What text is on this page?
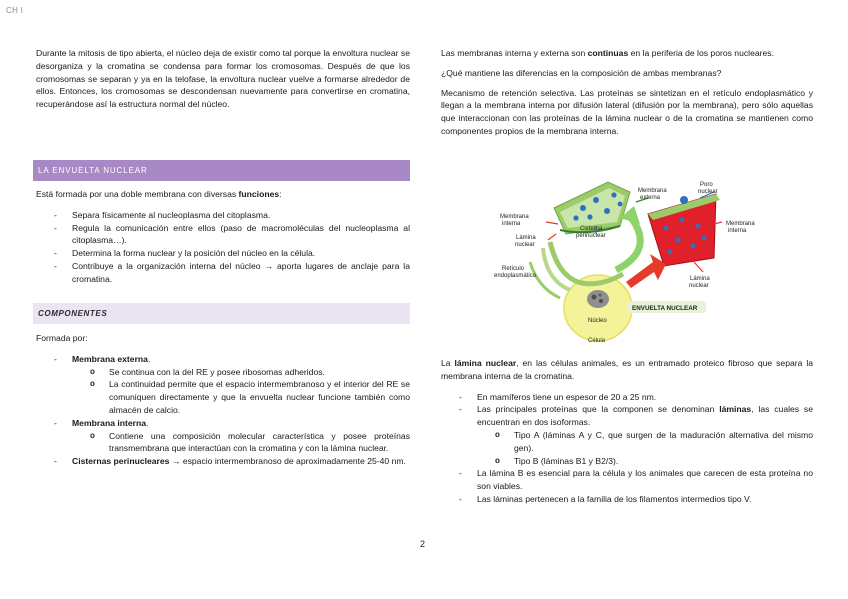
CH I

Durante la mitosis de tipo abierta, el núcleo deja de existir como tal porque la envoltura nuclear se desorganiza y la cromatina se condensa para formar los cromosomas. Después de que los cromosomas se separan y ya en la telofase, la envoltura nuclear vuelve a formarse alrededor de ellos. Entonces, los cromosomas se descondensan nuevamente para convertirse en cromatina, recuperándose así la estructura normal del núcleo.

LA ENVUELTA NUCLEAR

Está formada por una doble membrana con diversas funciones:

- Separa físicamente al nucleoplasma del citoplasma.
- Regula la comunicación entre ellos (paso de macromoléculas del nucleoplasma al citoplasma…).
- Determina la forma nuclear y la posición del núcleo en la célula.
- Contribuye a la organización interna del núcleo → aporta lugares de anclaje para la cromatina.
COMPONENTES

Formada por:

- Membrana externa.
o Se continua con la del RE y posee ribosomas adheridos.
o La continuidad permite que el espacio intermembranoso y el interior del RE se comuniquen directamente y que la envuelta nuclear funcione también como almacén de calcio.
- Membrana interna.
o Contiene una composición molecular característica y posee proteínas transmembrana que interactúan con la cromatina y con la lámina nuclear.
- Cisternas perinucleares → espacio intermembranoso de aproximadamente 25-40 nm.

Las membranas interna y externa son continuas en la periferia de los poros nucleares.

¿Qué mantiene las diferencias en la composición de ambas membranas?

Mecanismo de retención selectiva. Las proteínas se sintetizan en el retículo endoplasmático y llegan a la membrana interna por difusión lateral (difusión por la membrana), pero sólo aquellas que interaccionan con las proteínas de la lámina nuclear o de la cromatina se mantienen como componentes propios de la membrana interna.

Membrana externa
Poro nuclear
Membrana interna	Membrana interna
Lámina nuclear
Lámina nuclear
Cisterna perinuclear
Retículo endoplasmático
Núcleo
Célula
ENVUELTA NUCLEAR

La lámina nuclear, en las células animales, es un entramado proteico fibroso que separa la membrana interna de la cromatina.

- En mamíferos tiene un espesor de 20 a 25 nm.
- Las principales proteínas que la componen se denominan láminas, las cuales se encuentran en dos isoformas.
o Tipo A (láminas A y C, que surgen de la maduración alternativa del mismo gen).
o Tipo B (láminas B1 y B2/3).
- La lámina B es esencial para la célula y los animales que carecen de esta proteína no son viables.
- Las láminas pertenecen a la familia de los filamentos intermedios tipo V.
2
